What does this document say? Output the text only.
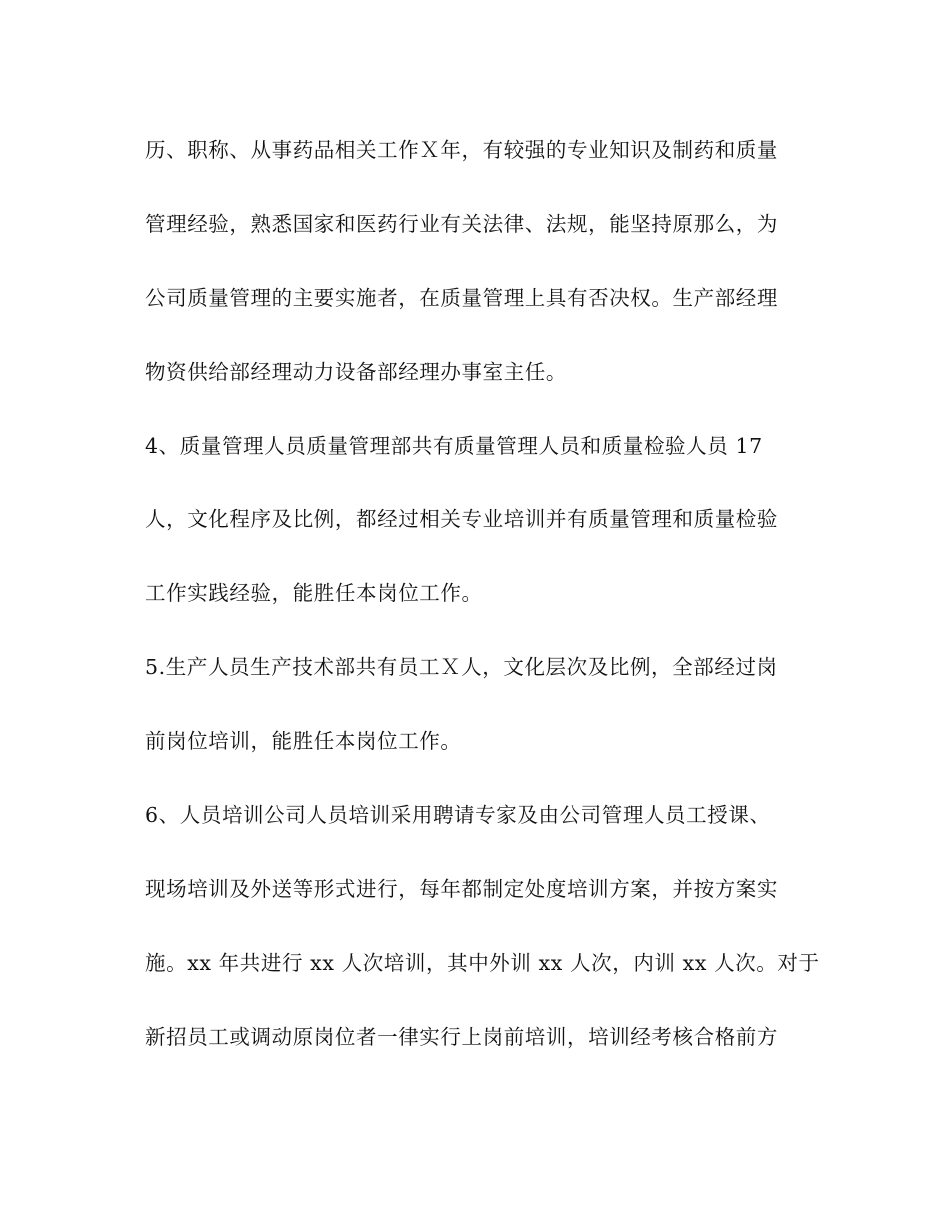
历、职称、从事药品相关工作Ｘ年，有较强的专业知识及制药和质量
管理经验，熟悉国家和医药行业有关法律、法规，能坚持原那么，为
公司质量管理的主要实施者，在质量管理上具有否决权。生产部经理
物资供给部经理动力设备部经理办事室主任。
4、质量管理人员质量管理部共有质量管理人员和质量检验人员 17
人，文化程序及比例，都经过相关专业培训并有质量管理和质量检验
工作实践经验，能胜任本岗位工作。
5.生产人员生产技术部共有员工Ｘ人，文化层次及比例，全部经过岗
前岗位培训，能胜任本岗位工作。
6、人员培训公司人员培训采用聘请专家及由公司管理人员工授课、
现场培训及外送等形式进行，每年都制定处度培训方案，并按方案实
施。xx 年共进行 xx 人次培训，其中外训 xx 人次，内训 xx 人次。对于
新招员工或调动原岗位者一律实行上岗前培训，培训经考核合格前方
